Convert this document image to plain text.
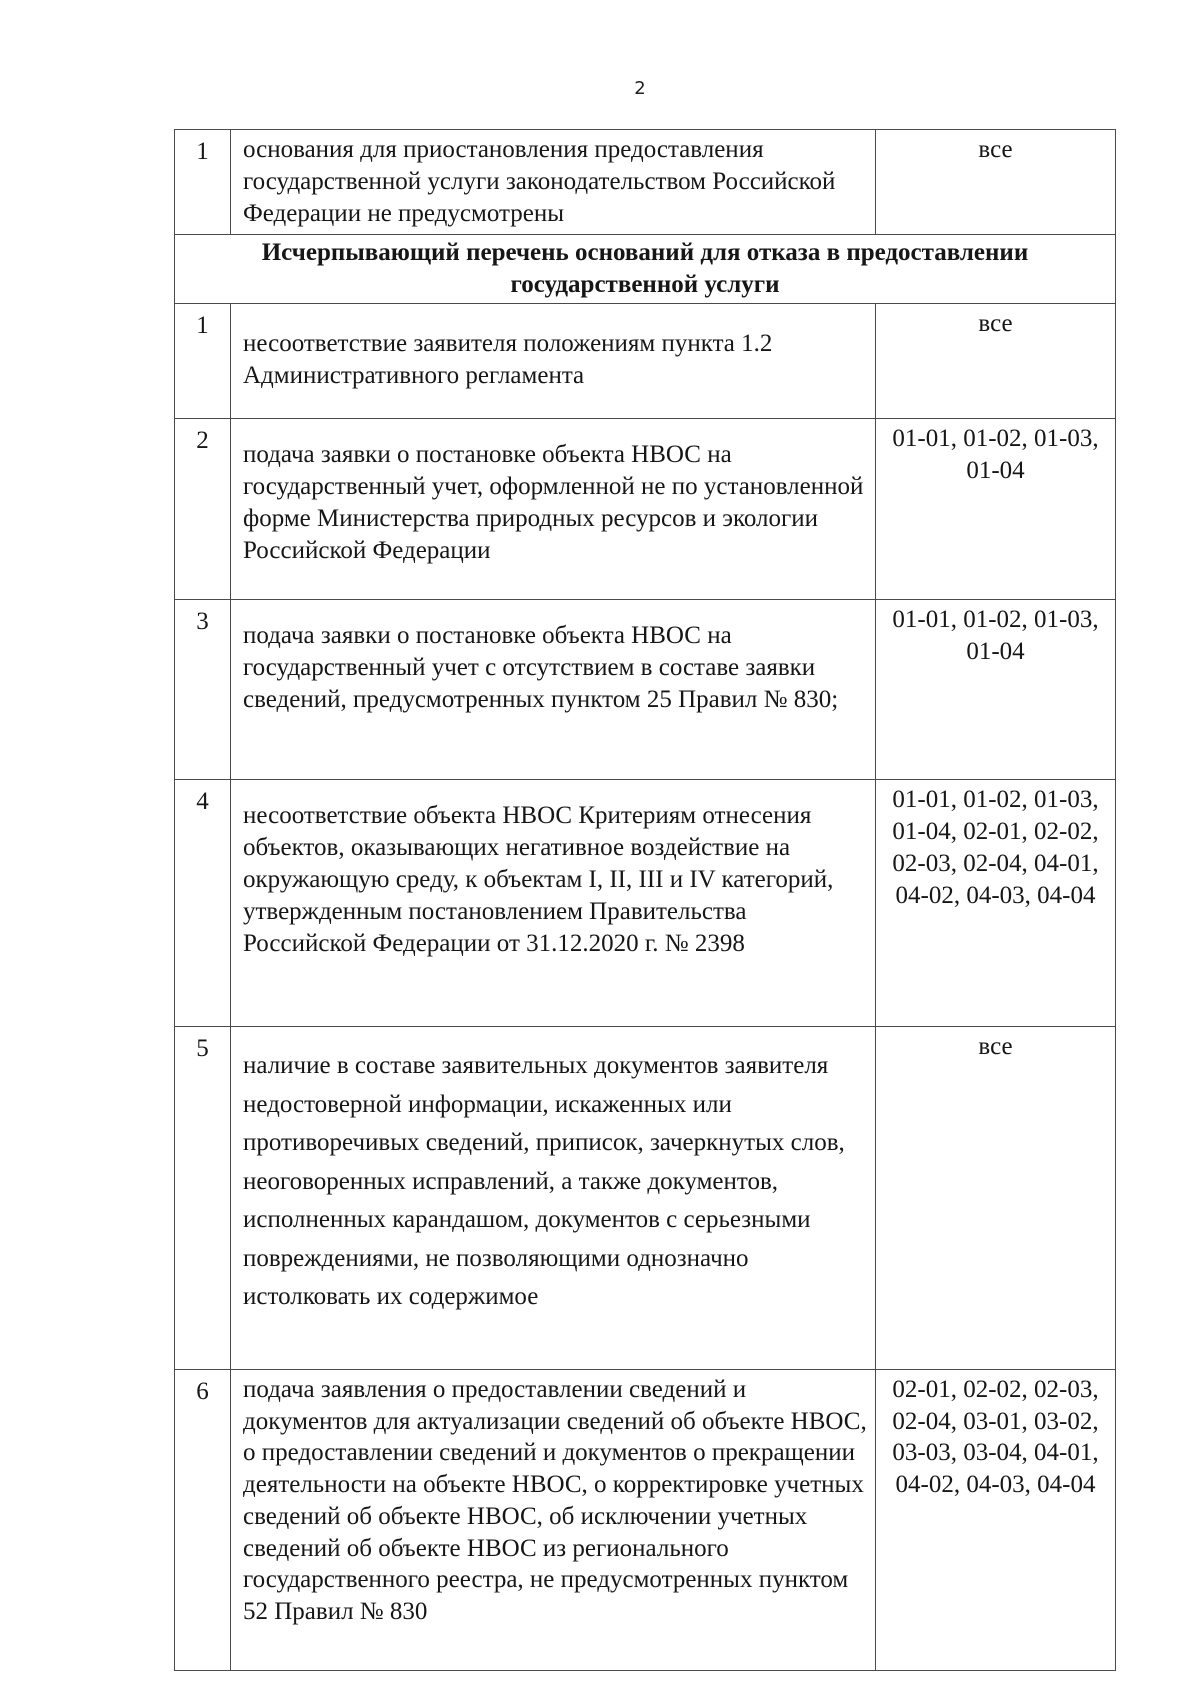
2
1	основания для приостановления предоставления государственной услуги законодательством Российской Федерации не предусмотрены	все

Исчерпывающий перечень оснований для отказа в предоставлении государственной услуги		
1	несоответствие заявителя положениям пункта 1.2 Административного регламента	все

2	подача заявки о постановке объекта НВОС на государственный учет, оформленной не по установленной форме Министерства природных ресурсов и экологии Российской Федерации	01-01, 01-02, 01-03, 01-04

3	подача заявки о постановке объекта НВОС на государственный учет с отсутствием в составе заявки сведений, предусмотренных пунктом 25 Правил № 830;	01-01, 01-02, 01-03, 01-04

4	несоответствие объекта НВОС Критериям отнесения объектов, оказывающих негативное воздействие на окружающую среду, к объектам I, II, III и IV категорий, утвержденным постановлением Правительства Российской Федерации от 31.12.2020 г. № 2398	01-01, 01-02, 01-03, 01-04, 02-01, 02-02, 02-03, 02-04, 04-01, 04-02, 04-03, 04-04

5	наличие в составе заявительных документов заявителя недостоверной информации, искаженных или противоречивых сведений, приписок, зачеркнутых слов, неоговоренных исправлений, а также документов, исполненных карандашом, документов с серьезными повреждениями, не позволяющими однозначно истолковать их содержимое	все

6	подача заявления о предоставлении сведений и документов для актуализации сведений об объекте НВОС, о предоставлении сведений и документов о прекращении деятельности на объекте НВОС, о корректировке учетных сведений об объекте НВОС, об исключении учетных сведений об объекте НВОС из регионального государственного реестра, не предусмотренных пунктом 52 Правил № 830	02-01, 02-02, 02-03, 02-04, 03-01, 03-02, 03-03, 03-04, 04-01, 04-02, 04-03, 04-04
